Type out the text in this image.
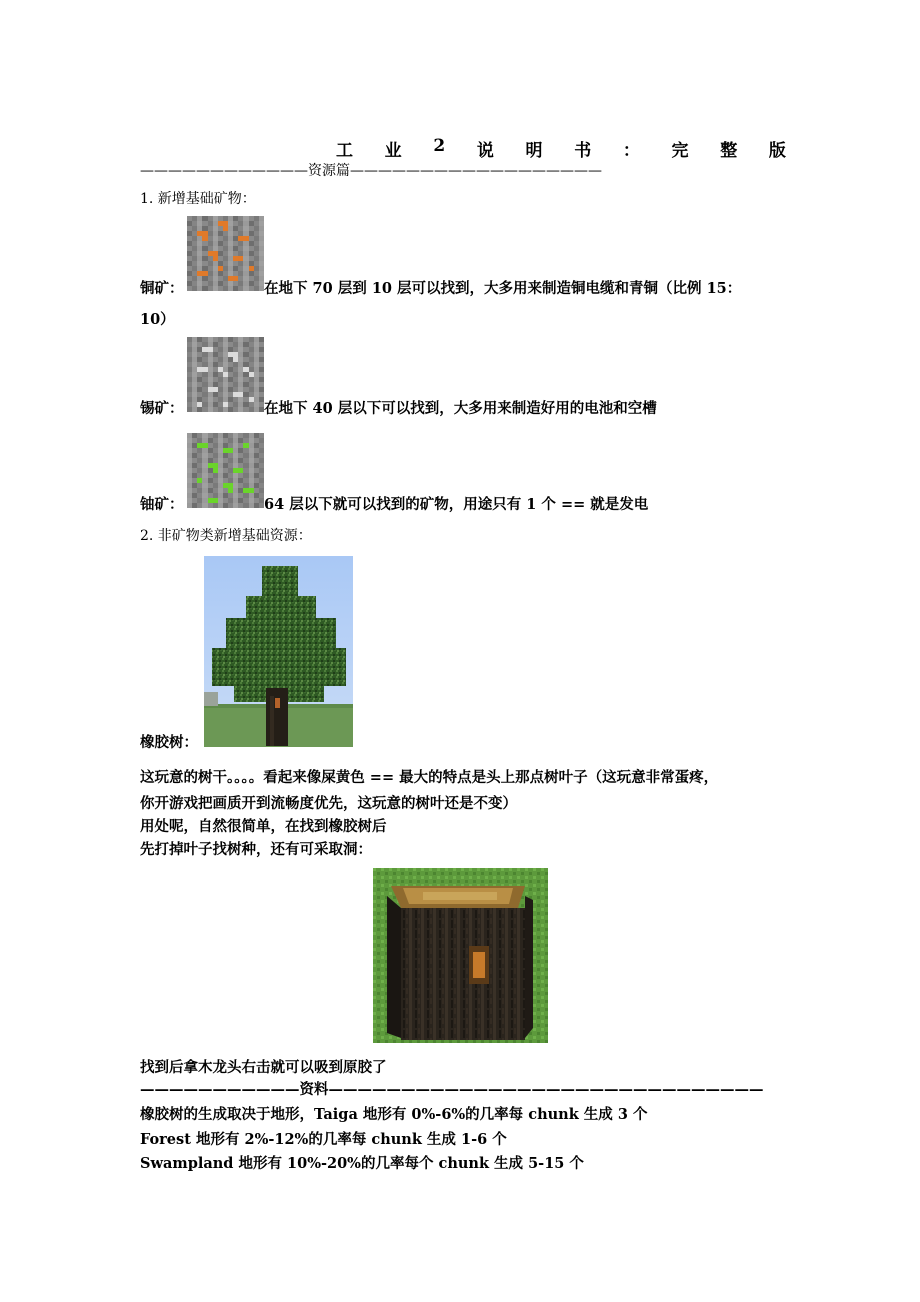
工 业 2 说 明 书 ： 完 整 版
————————————资源篇——————————————————
1. 新增基础矿物：
铜矿：	在地下 70 层到 10 层可以找到，大多用来制造铜电缆和青铜（比例 15：
10）
锡矿：	在地下 40 层以下可以找到，大多用来制造好用的电池和空槽
铀矿：	64 层以下就可以找到的矿物，用途只有 1 个 == 就是发电
2. 非矿物类新增基础资源：
橡胶树：
这玩意的树干。。。。看起来像屎黄色 == 最大的特点是头上那点树叶子（这玩意非常蛋疼，
你开游戏把画质开到流畅度优先，这玩意的树叶还是不变）
用处呢，自然很简单，在找到橡胶树后
先打掉叶子找树种，还有可采取洞：
找到后拿木龙头右击就可以吸到原胶了
———————————资料——————————————————————————————
橡胶树的生成取决于地形，Taiga 地形有 0%-6%的几率每 chunk 生成 3 个
Forest 地形有 2%-12%的几率每 chunk 生成 1-6 个
Swampland 地形有 10%-20%的几率每个 chunk 生成 5-15 个
